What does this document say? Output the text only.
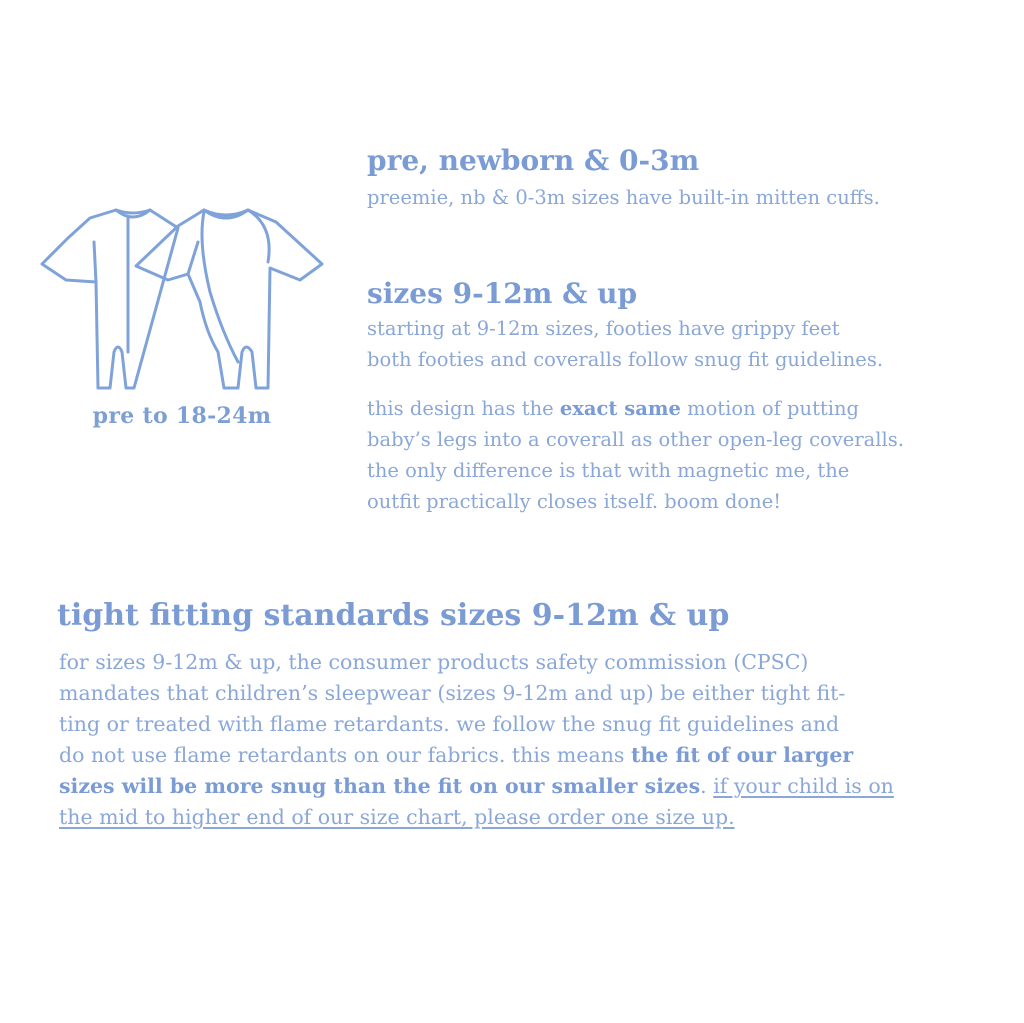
pre to 18-24m
pre, newborn & 0-3m
preemie, nb & 0-3m sizes have built-in mitten cuffs.
sizes 9-12m & up
starting at 9-12m sizes, footies have grippy feet
both footies and coveralls follow snug fit guidelines.
this design has the exact same motion of putting
baby’s legs into a coverall as other open-leg coveralls.
the only difference is that with magnetic me, the
outfit practically closes itself. boom done!
tight fitting standards sizes 9-12m & up
for sizes 9-12m & up, the consumer products safety commission (CPSC)
mandates that children’s sleepwear (sizes 9-12m and up) be either tight fit-
ting or treated with flame retardants. we follow the snug fit guidelines and
do not use flame retardants on our fabrics. this means the fit of our larger
sizes will be more snug than the fit on our smaller sizes. if your child is on
the mid to higher end of our size chart, please order one size up.
